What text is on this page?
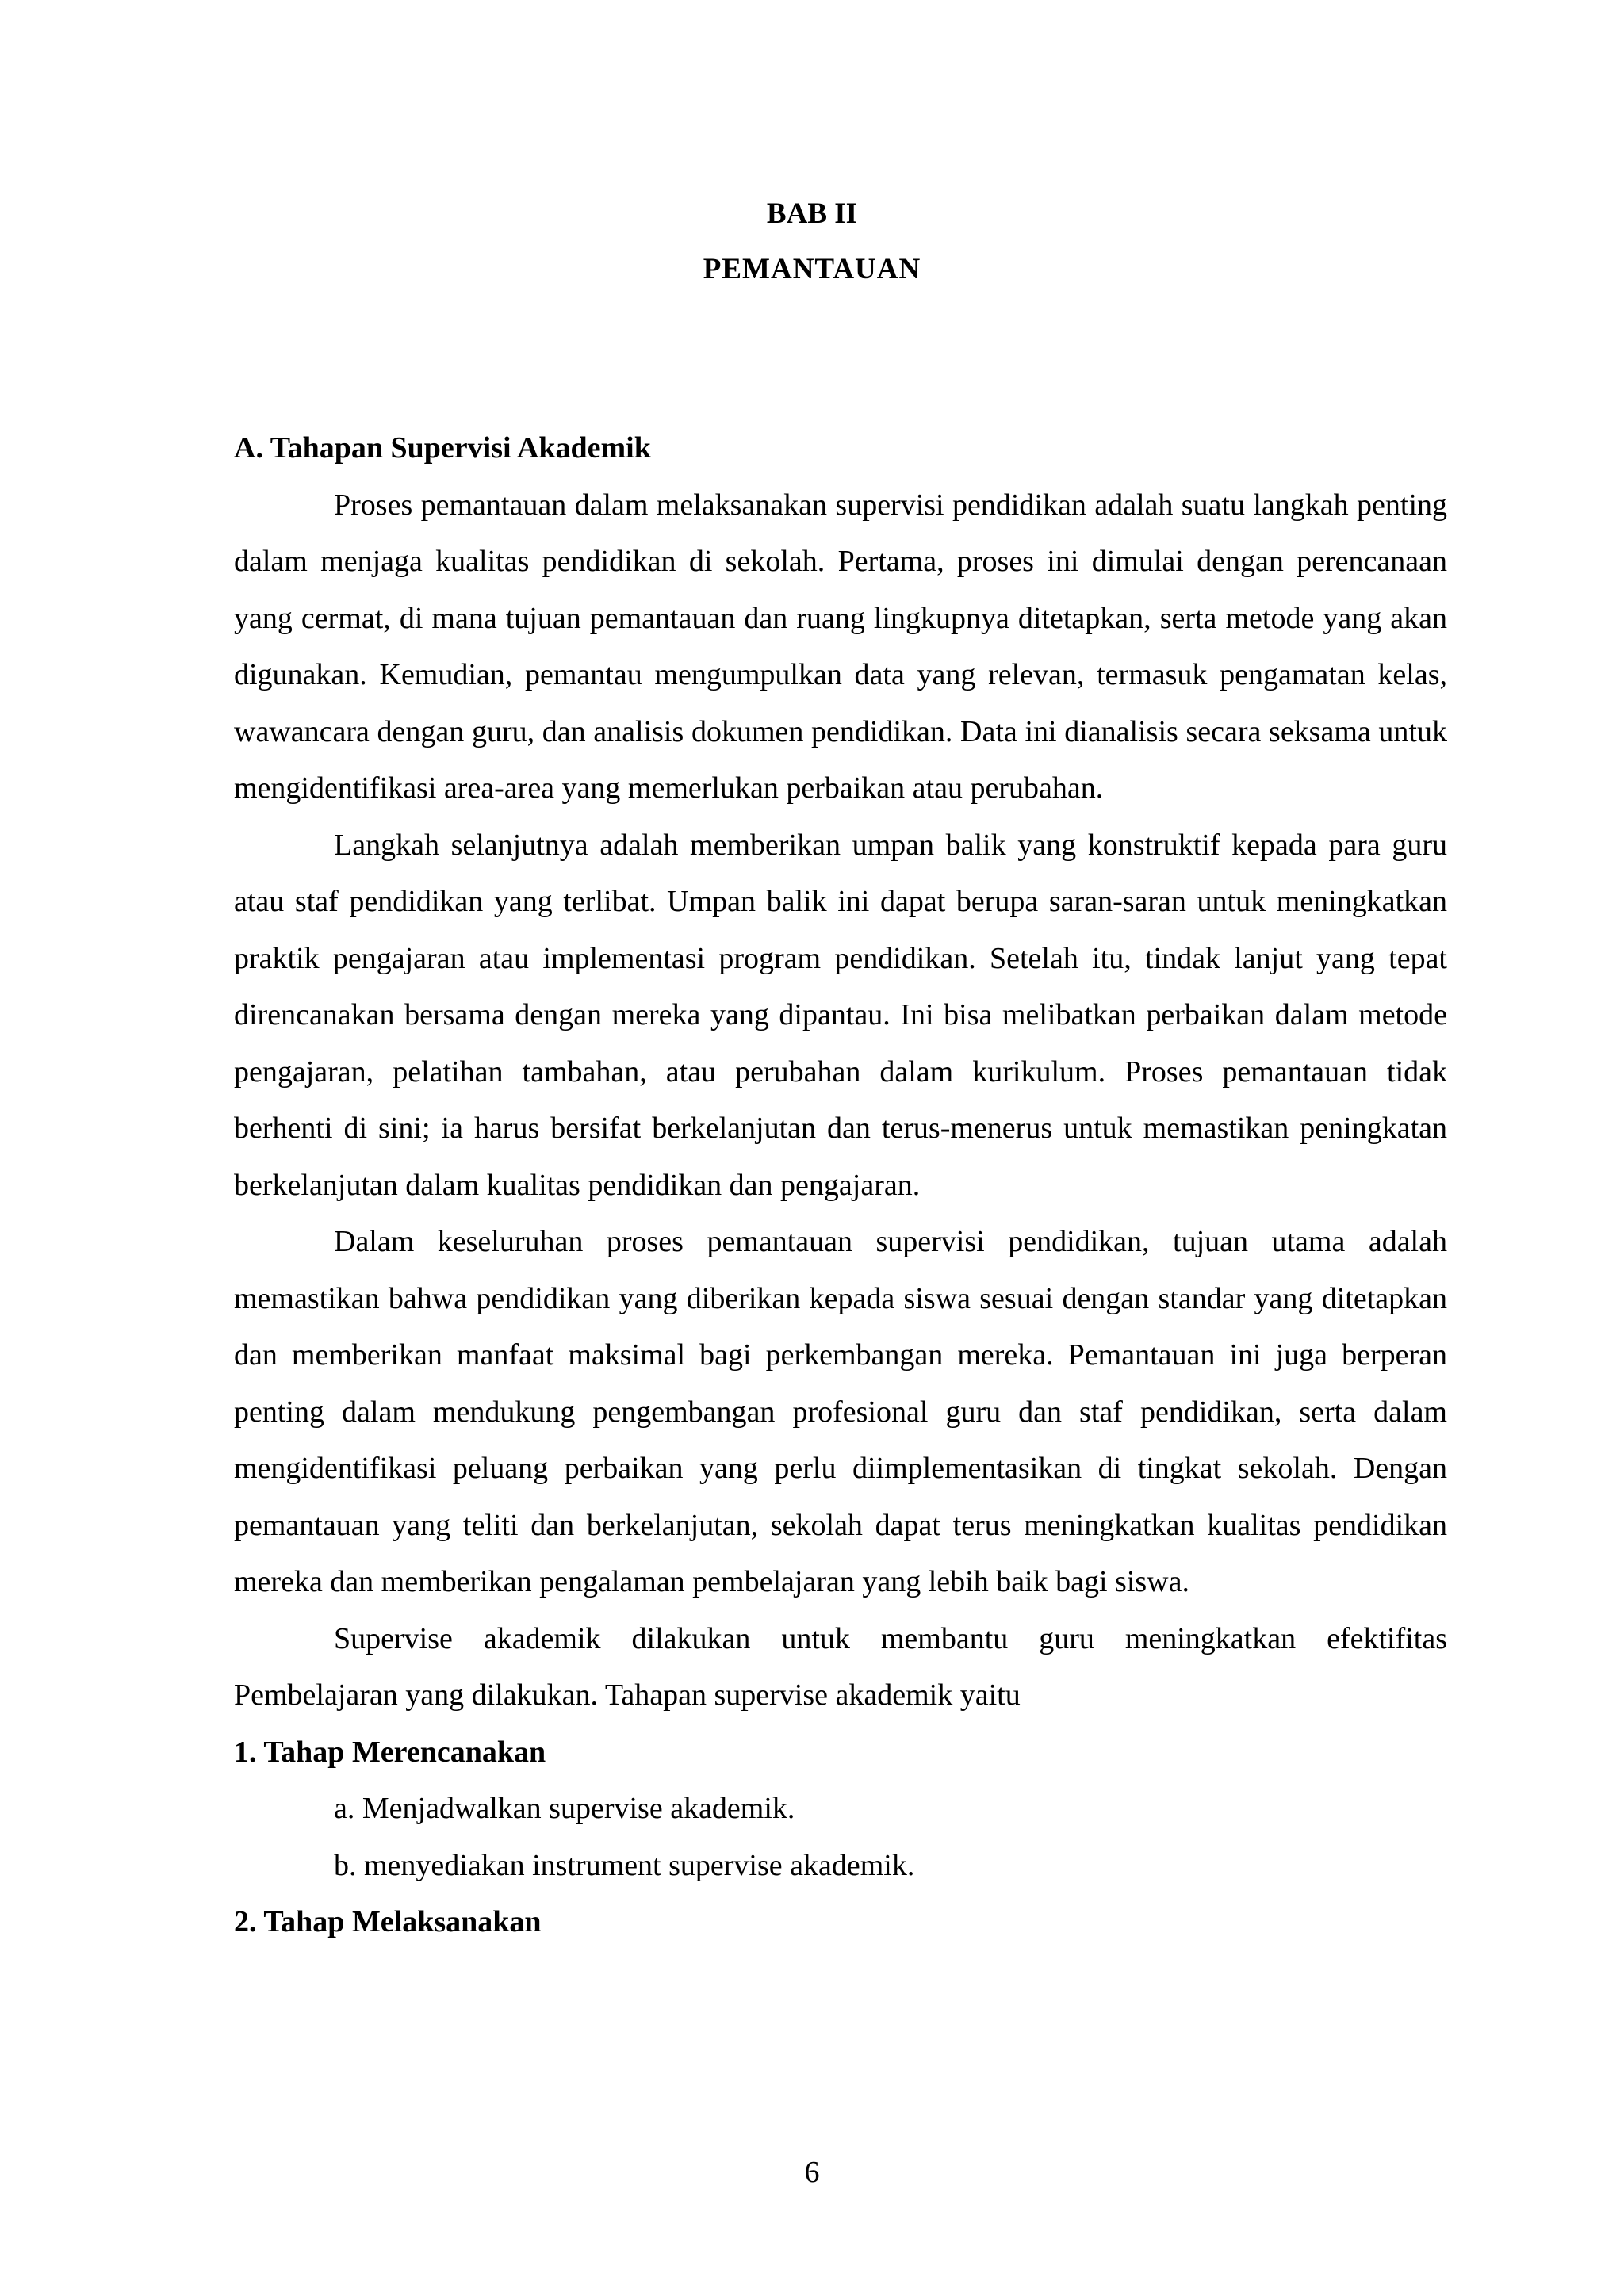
BAB II
PEMANTAUAN

A. Tahapan Supervisi Akademik

Proses pemantauan dalam melaksanakan supervisi pendidikan adalah suatu langkah penting dalam menjaga kualitas pendidikan di sekolah. Pertama, proses ini dimulai dengan perencanaan yang cermat, di mana tujuan pemantauan dan ruang lingkupnya ditetapkan, serta metode yang akan digunakan. Kemudian, pemantau mengumpulkan data yang relevan, termasuk pengamatan kelas, wawancara dengan guru, dan analisis dokumen pendidikan. Data ini dianalisis secara seksama untuk mengidentifikasi area-area yang memerlukan perbaikan atau perubahan.

Langkah selanjutnya adalah memberikan umpan balik yang konstruktif kepada para guru atau staf pendidikan yang terlibat. Umpan balik ini dapat berupa saran-saran untuk meningkatkan praktik pengajaran atau implementasi program pendidikan. Setelah itu, tindak lanjut yang tepat direncanakan bersama dengan mereka yang dipantau. Ini bisa melibatkan perbaikan dalam metode pengajaran, pelatihan tambahan, atau perubahan dalam kurikulum. Proses pemantauan tidak berhenti di sini; ia harus bersifat berkelanjutan dan terus-menerus untuk memastikan peningkatan berkelanjutan dalam kualitas pendidikan dan pengajaran.

Dalam keseluruhan proses pemantauan supervisi pendidikan, tujuan utama adalah memastikan bahwa pendidikan yang diberikan kepada siswa sesuai dengan standar yang ditetapkan dan memberikan manfaat maksimal bagi perkembangan mereka. Pemantauan ini juga berperan penting dalam mendukung pengembangan profesional guru dan staf pendidikan, serta dalam mengidentifikasi peluang perbaikan yang perlu diimplementasikan di tingkat sekolah. Dengan pemantauan yang teliti dan berkelanjutan, sekolah dapat terus meningkatkan kualitas pendidikan mereka dan memberikan pengalaman pembelajaran yang lebih baik bagi siswa.

Supervise akademik dilakukan untuk membantu guru meningkatkan efektifitas Pembelajaran yang dilakukan. Tahapan supervise akademik yaitu

1. Tahap Merencanakan

a. Menjadwalkan supervise akademik.

b. menyediakan instrument supervise akademik.

2. Tahap Melaksanakan

6
